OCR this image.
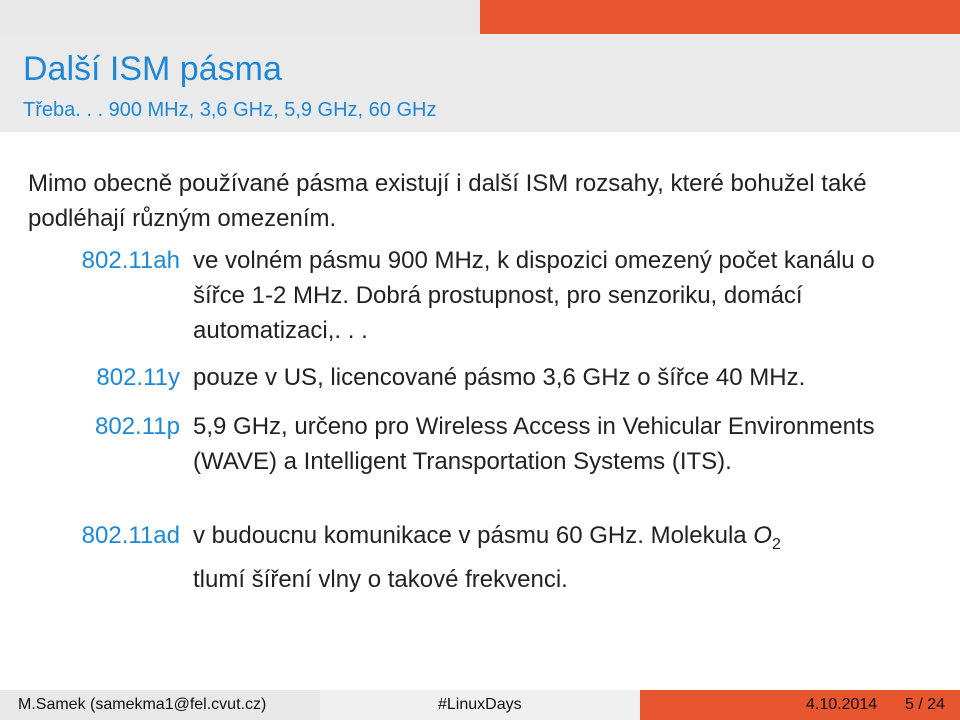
Další ISM pásma
Třeba. . . 900 MHz, 3,6 GHz, 5,9 GHz, 60 GHz
Mimo obecně používané pásma existují i další ISM rozsahy, které bohužel také podléhají různým omezením.
802.11ah ve volném pásmu 900 MHz, k dispozici omezený počet kanálu o šířce 1-2 MHz. Dobrá prostupnost, pro senzoriku, domácí automatizaci,. . .
802.11y pouze v US, licencované pásmo 3,6 GHz o šířce 40 MHz.
802.11p 5,9 GHz, určeno pro Wireless Access in Vehicular Environments (WAVE) a Intelligent Transportation Systems (ITS).
802.11ad v budoucnu komunikace v pásmu 60 GHz. Molekula $O_2$
tlumí šíření vlny o takové frekvenci.
M.Samek (samekma1@fel.cvut.cz)	#LinuxDays	4.10.2014 5 / 24
